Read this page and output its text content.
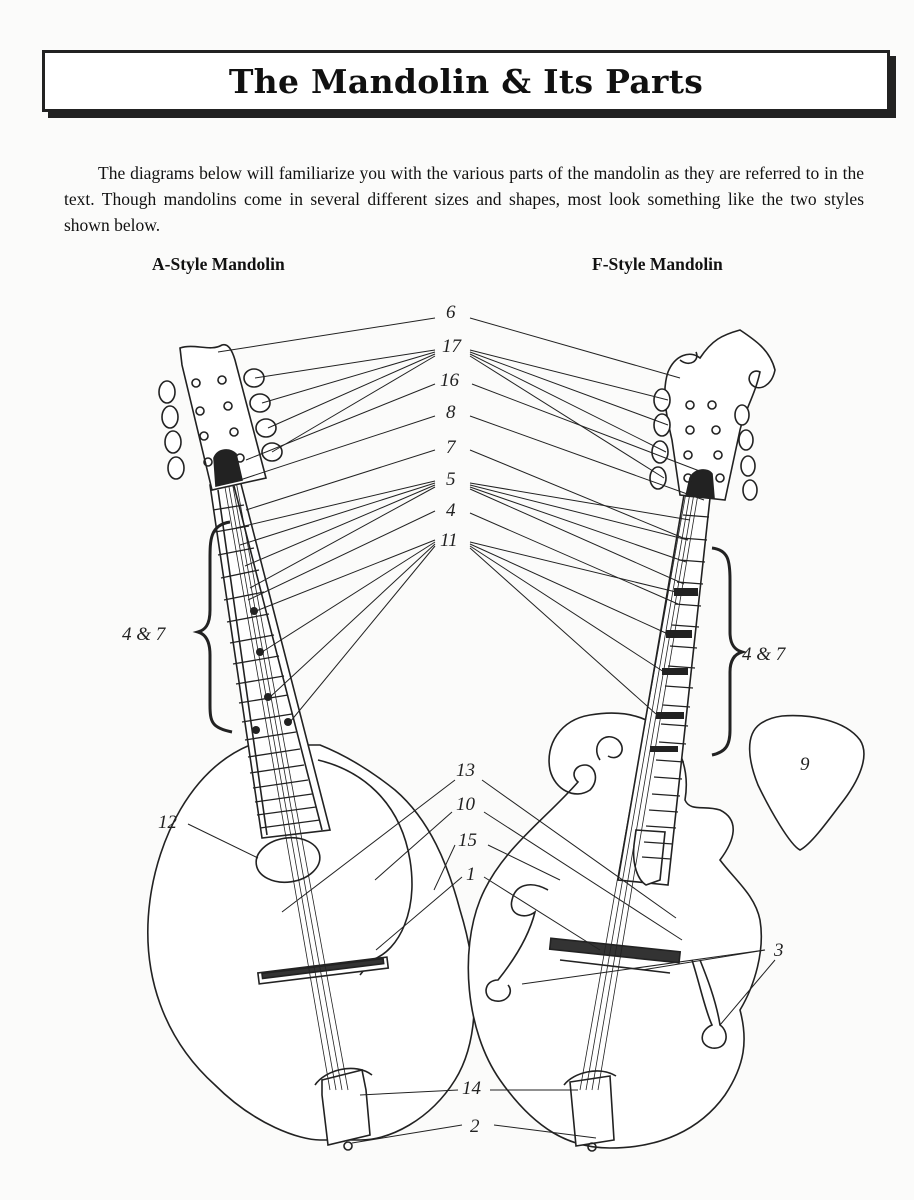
The Mandolin & Its Parts

The diagrams below will familiarize you with the various parts of the mandolin as they are referred to in the text. Though mandolins come in several different sizes and shapes, most look something like the two styles shown below.

A-Style Mandolin	F-Style Mandolin
6
17
16
8
7
5
4
11
13
10
15
1
12
3
14
2
9
4 & 7
4 & 7
